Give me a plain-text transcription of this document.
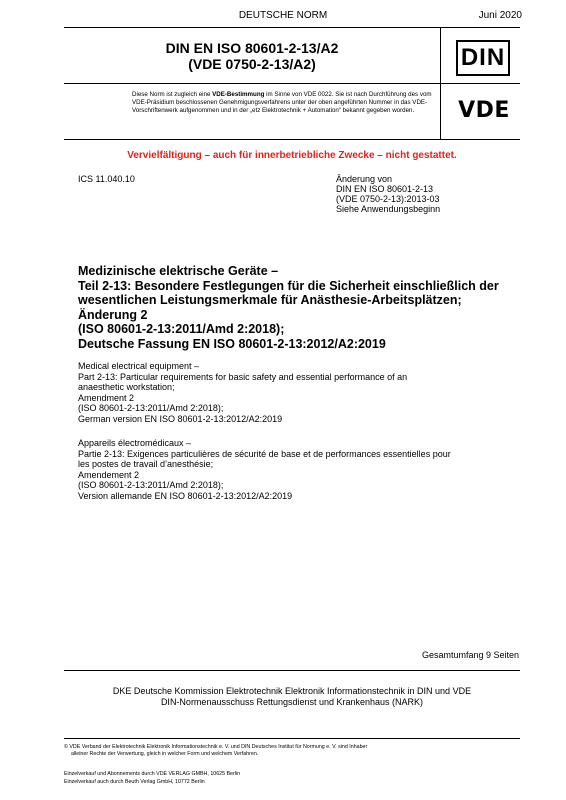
DEUTSCHE NORM	Juni 2020
DIN EN ISO 80601-2-13/A2
(VDE 0750-2-13/A2)	DIN
Diese Norm ist zugleich eine VDE-Bestimmung im Sinne von VDE 0022. Sie ist nach Durchführung des vom VDE-Präsidium beschlossenen Genehmigungsverfahrens unter der oben angeführten Nummer in das VDE-Vorschriftenwerk aufgenommen und in der „etz Elektrotechnik + Automation“ bekannt gegeben worden.	VDE
Vervielfältigung – auch für innerbetriebliche Zwecke – nicht gestattet.
ICS 11.040.10	Änderung von
DIN EN ISO 80601-2-13
(VDE 0750-2-13):2013-03
Siehe Anwendungsbeginn
Medizinische elektrische Geräte –
Teil 2-13: Besondere Festlegungen für die Sicherheit einschließlich der
wesentlichen Leistungsmerkmale für Anästhesie-Arbeitsplätzen;
Änderung 2
(ISO 80601-2-13:2011/Amd 2:2018);
Deutsche Fassung EN ISO 80601-2-13:2012/A2:2019
Medical electrical equipment –
Part 2-13: Particular requirements for basic safety and essential performance of an
anaesthetic workstation;
Amendment 2
(ISO 80601-2-13:2011/Amd 2:2018);
German version EN ISO 80601-2-13:2012/A2:2019
Appareils électromédicaux –
Partie 2-13: Exigences particulières de sécurité de base et de performances essentielles pour
les postes de travail d’anesthésie;
Amendement 2
(ISO 80601-2-13:2011/Amd 2:2018);
Version allemande EN ISO 80601-2-13:2012/A2:2019
Gesamtumfang 9 Seiten
DKE Deutsche Kommission Elektrotechnik Elektronik Informationstechnik in DIN und VDE
DIN-Normenausschuss Rettungsdienst und Krankenhaus (NARK)
© VDE Verband der Elektrotechnik Elektronik Informationstechnik e. V. und DIN Deutsches Institut für Normung e. V. sind Inhaber
alleiner Rechte der Verwertung, gleich in welcher Form und welchem Verfahren.
Einzelverkauf und Abonnements durch VDE VERLAG GMBH, 10625 Berlin
Einzelverkauf auch durch Beuth Verlag GmbH, 10772 Berlin
